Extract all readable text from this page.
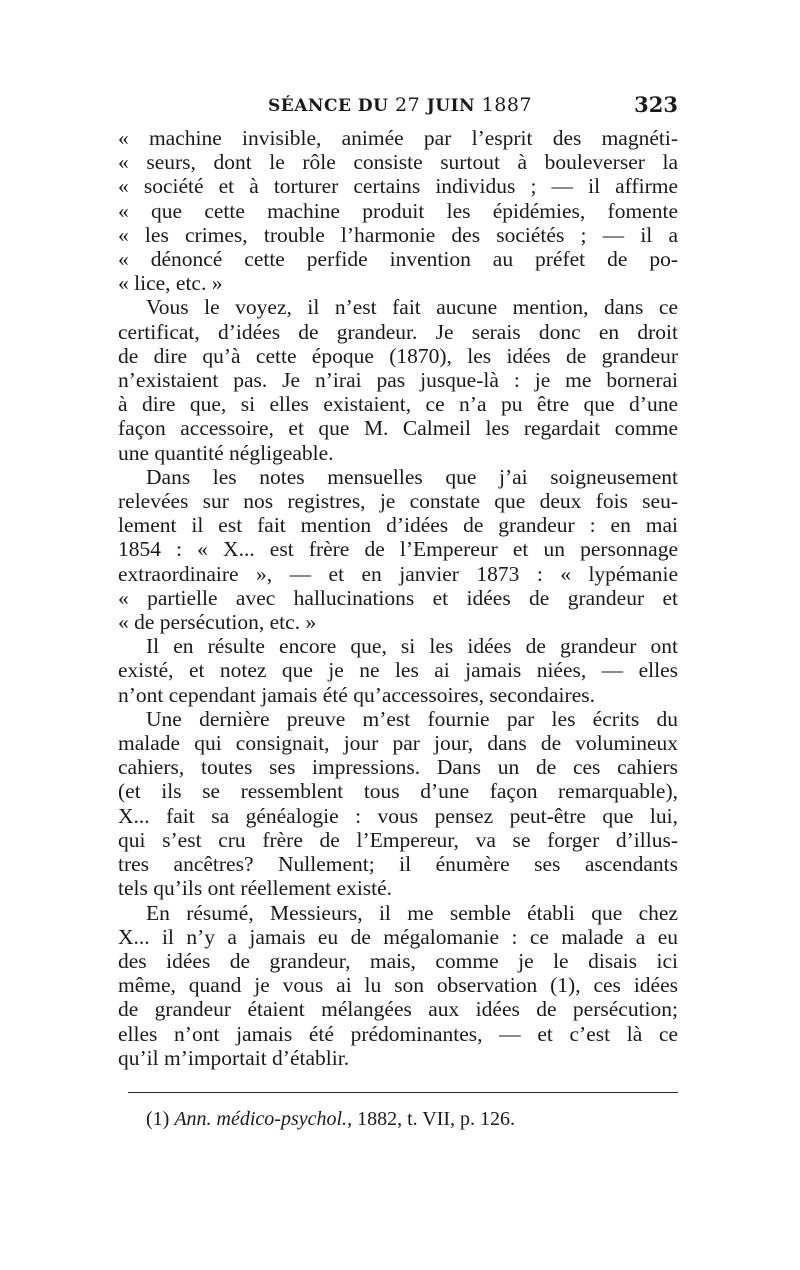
SÉANCE DU 27 JUIN 1887	323
« machine invisible, animée par l’esprit des magnéti-
« seurs, dont le rôle consiste surtout à bouleverser la
« société et à torturer certains individus ; — il affirme
« que cette machine produit les épidémies, fomente
« les crimes, trouble l’harmonie des sociétés ; — il a
« dénoncé cette perfide invention au préfet de po-
« lice, etc. »
Vous le voyez, il n’est fait aucune mention, dans ce
certificat, d’idées de grandeur. Je serais donc en droit
de dire qu’à cette époque (1870), les idées de grandeur
n’existaient pas. Je n’irai pas jusque-là : je me bornerai
à dire que, si elles existaient, ce n’a pu être que d’une
façon accessoire, et que M. Calmeil les regardait comme
une quantité négligeable.
Dans les notes mensuelles que j’ai soigneusement
relevées sur nos registres, je constate que deux fois seu-
lement il est fait mention d’idées de grandeur : en mai
1854 : « X... est frère de l’Empereur et un personnage
extraordinaire », — et en janvier 1873 : « lypémanie
« partielle avec hallucinations et idées de grandeur et
« de persécution, etc. »
Il en résulte encore que, si les idées de grandeur ont
existé, et notez que je ne les ai jamais niées, — elles
n’ont cependant jamais été qu’accessoires, secondaires.
Une dernière preuve m’est fournie par les écrits du
malade qui consignait, jour par jour, dans de volumineux
cahiers, toutes ses impressions. Dans un de ces cahiers
(et ils se ressemblent tous d’une façon remarquable),
X... fait sa généalogie : vous pensez peut-être que lui,
qui s’est cru frère de l’Empereur, va se forger d’illus-
tres ancêtres? Nullement; il énumère ses ascendants
tels qu’ils ont réellement existé.
En résumé, Messieurs, il me semble établi que chez
X... il n’y a jamais eu de mégalomanie : ce malade a eu
des idées de grandeur, mais, comme je le disais ici
même, quand je vous ai lu son observation (1), ces idées
de grandeur étaient mélangées aux idées de persécution;
elles n’ont jamais été prédominantes, — et c’est là ce
qu’il m’importait d’établir.
(1) Ann. médico-psychol., 1882, t. VII, p. 126.
